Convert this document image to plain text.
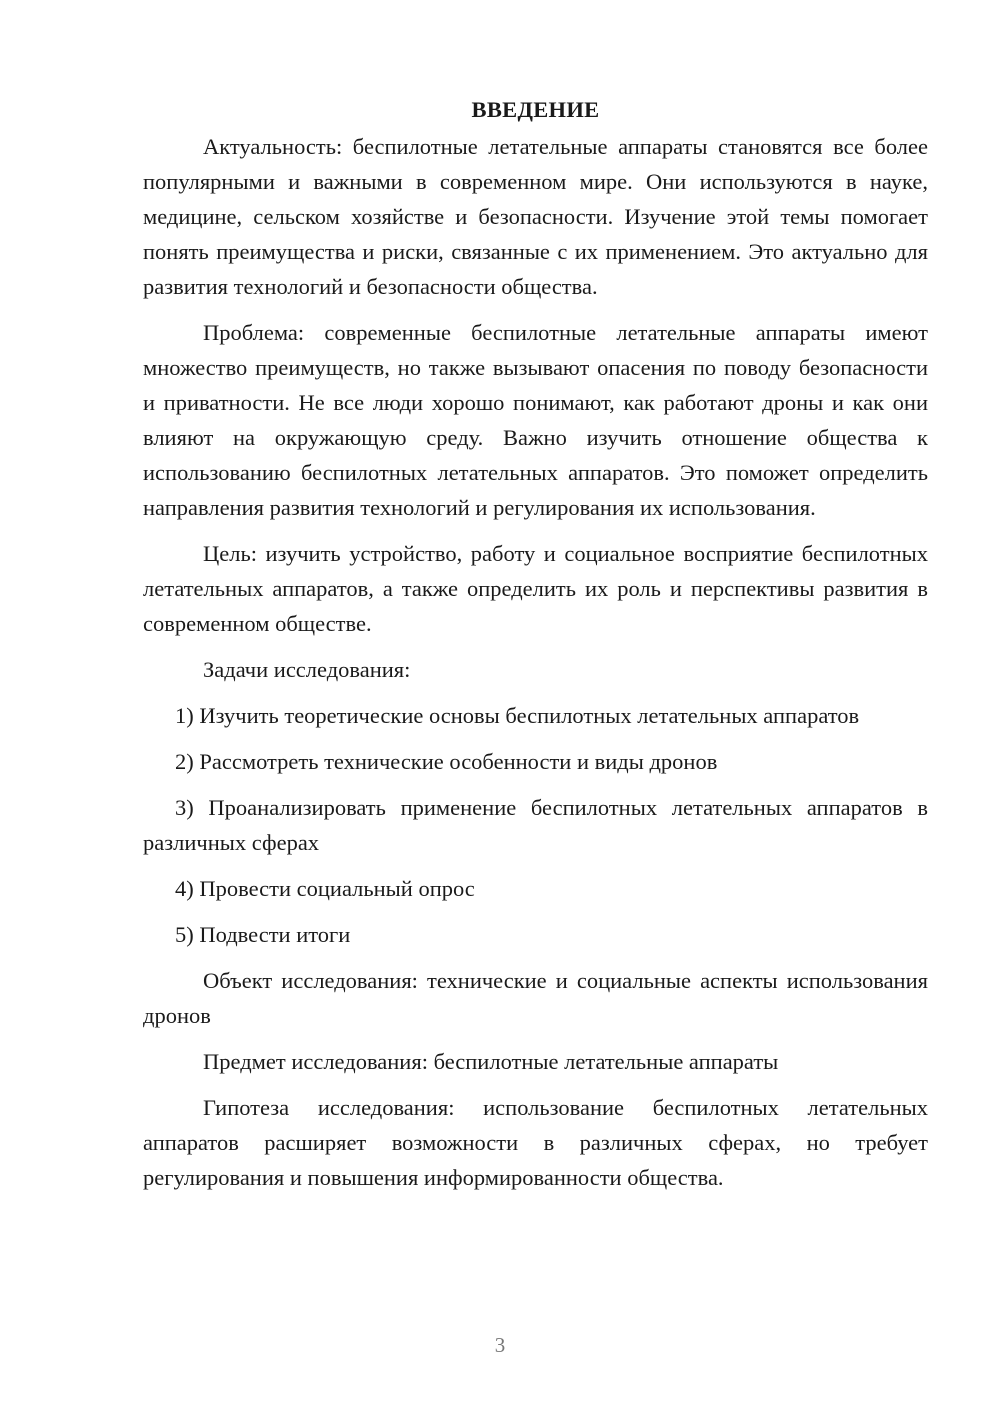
ВВЕДЕНИЕ

Актуальность: беспилотные летательные аппараты становятся все более популярными и важными в современном мире. Они используются в науке, медицине, сельском хозяйстве и безопасности. Изучение этой темы помогает понять преимущества и риски, связанные с их применением. Это актуально для развития технологий и безопасности общества.

Проблема: современные беспилотные летательные аппараты имеют множество преимуществ, но также вызывают опасения по поводу безопасности и приватности. Не все люди хорошо понимают, как работают дроны и как они влияют на окружающую среду. Важно изучить отношение общества к использованию беспилотных летательных аппаратов. Это поможет определить направления развития технологий и регулирования их использования.

Цель: изучить устройство, работу и социальное восприятие беспилотных летательных аппаратов, а также определить их роль и перспективы развития в современном обществе.

Задачи исследования:

1) Изучить теоретические основы беспилотных летательных аппаратов

2) Рассмотреть технические особенности и виды дронов

3) Проанализировать применение беспилотных летательных аппаратов в различных сферах

4) Провести социальный опрос

5) Подвести итоги

Объект исследования: технические и социальные аспекты использования дронов

Предмет исследования: беспилотные летательные аппараты

Гипотеза исследования: использование беспилотных летательных аппаратов расширяет возможности в различных сферах, но требует регулирования и повышения информированности общества.

3
